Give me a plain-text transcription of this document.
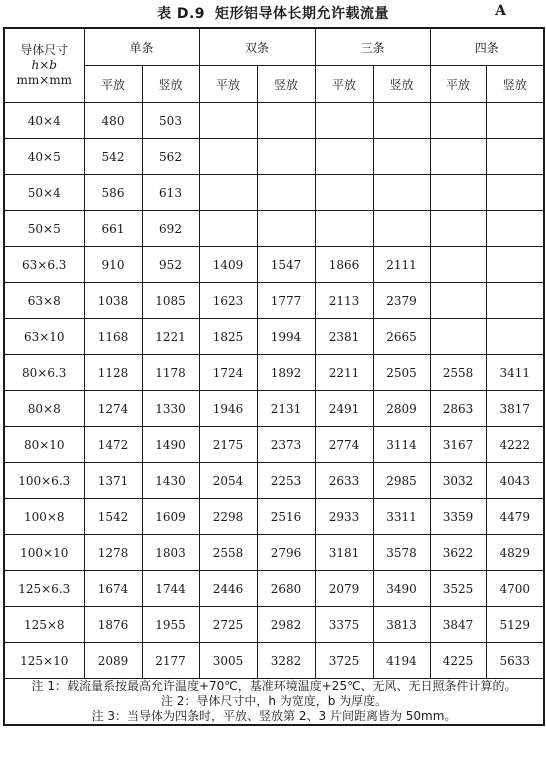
表 D.9 矩形铝导体长期允许载流量	A
导体尺寸
h×b
mm×mm	单条		双条		三条		四条	
	平放	竖放	平放	竖放	平放	竖放	平放	竖放
40×4	480	503						
40×5	542	562						
50×4	586	613						
50×5	661	692						
63×6.3	910	952	1409	1547	1866	2111		
63×8	1038	1085	1623	1777	2113	2379		
63×10	1168	1221	1825	1994	2381	2665		
80×6.3	1128	1178	1724	1892	2211	2505	2558	3411
80×8	1274	1330	1946	2131	2491	2809	2863	3817
80×10	1472	1490	2175	2373	2774	3114	3167	4222
100×6.3	1371	1430	2054	2253	2633	2985	3032	4043
100×8	1542	1609	2298	2516	2933	3311	3359	4479
100×10	1278	1803	2558	2796	3181	3578	3622	4829
125×6.3	1674	1744	2446	2680	2079	3490	3525	4700
125×8	1876	1955	2725	2982	3375	3813	3847	5129
125×10	2089	2177	3005	3282	3725	4194	4225	5633

注 1：载流量系按最高允许温度+70℃，基准环境温度+25℃、无风、无日照条件计算的。
注 2：导体尺寸中，h 为宽度，b 为厚度。
注 3：当导体为四条时，平放、竖放第 2、3 片间距离皆为 50mm。								
